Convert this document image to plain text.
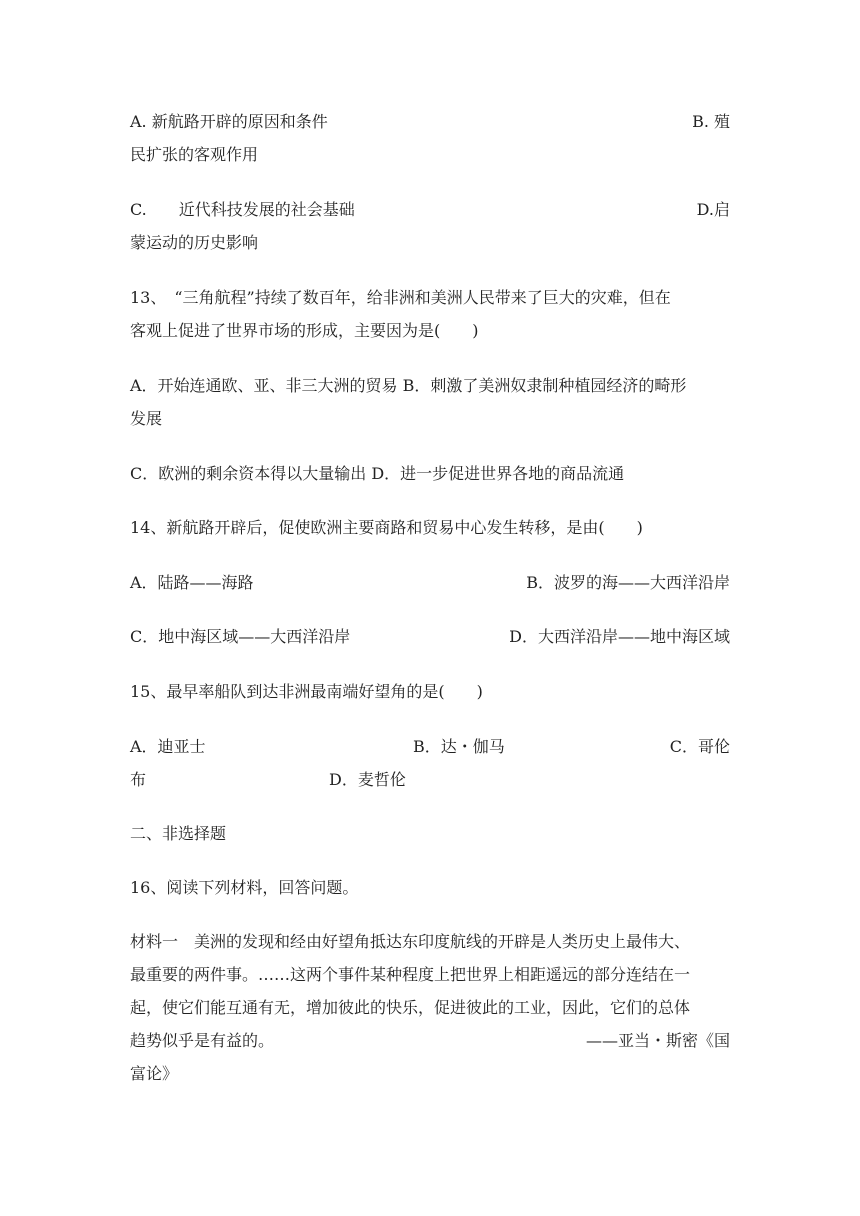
A. 新航路开辟的原因和条件	B. 殖
民扩张的客观作用
C.　　近代科技发展的社会基础	D.启
蒙运动的历史影响
13、　“三角航程”持续了数百年，给非洲和美洲人民带来了巨大的灾难，但在
客观上促进了世界市场的形成，主要因为是(　　)
A．开始连通欧、亚、非三大洲的贸易 B．刺激了美洲奴隶制种植园经济的畸形
发展
C．欧洲的剩余资本得以大量输出 D．进一步促进世界各地的商品流通
14、新航路开辟后，促使欧洲主要商路和贸易中心发生转移，是由(　　)
A．陆路——海路	B．波罗的海——大西洋沿岸
C．地中海区域——大西洋沿岸	D．大西洋沿岸——地中海区域
15、最早率船队到达非洲最南端好望角的是(　　)
A．迪亚士	B．达・伽马	C．哥伦
布	D．麦哲伦
二、非选择题
16、阅读下列材料，回答问题。
材料一　美洲的发现和经由好望角抵达东印度航线的开辟是人类历史上最伟大、
最重要的两件事。……这两个事件某种程度上把世界上相距遥远的部分连结在一
起，使它们能互通有无，增加彼此的快乐，促进彼此的工业，因此，它们的总体
趋势似乎是有益的。	——亚当・斯密《国
富论》
